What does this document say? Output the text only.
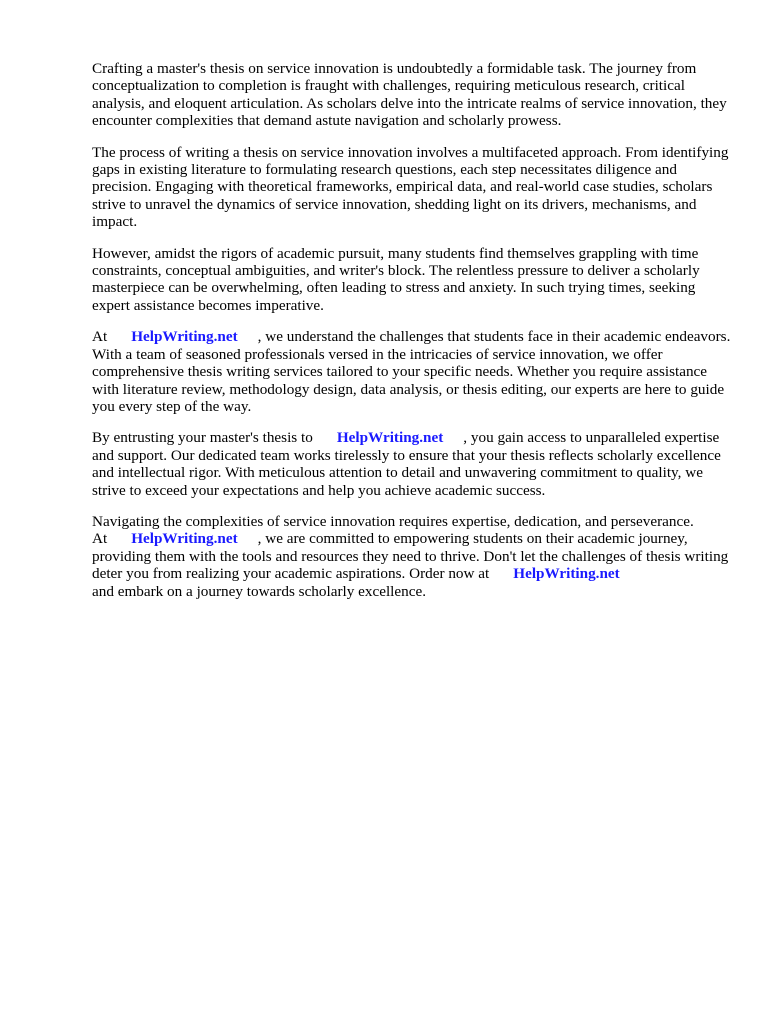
Crafting a master's thesis on service innovation is undoubtedly a formidable task. The journey from conceptualization to completion is fraught with challenges, requiring meticulous research, critical analysis, and eloquent articulation. As scholars delve into the intricate realms of service innovation, they encounter complexities that demand astute navigation and scholarly prowess.

The process of writing a thesis on service innovation involves a multifaceted approach. From identifying gaps in existing literature to formulating research questions, each step necessitates diligence and precision. Engaging with theoretical frameworks, empirical data, and real-world case studies, scholars strive to unravel the dynamics of service innovation, shedding light on its drivers, mechanisms, and impact.

However, amidst the rigors of academic pursuit, many students find themselves grappling with time constraints, conceptual ambiguities, and writer's block. The relentless pressure to deliver a scholarly masterpiece can be overwhelming, often leading to stress and anxiety. In such trying times, seeking expert assistance becomes imperative.

At HelpWriting.net , we understand the challenges that students face in their academic endeavors. With a team of seasoned professionals versed in the intricacies of service innovation, we offer comprehensive thesis writing services tailored to your specific needs. Whether you require assistance with literature review, methodology design, data analysis, or thesis editing, our experts are here to guide you every step of the way.

By entrusting your master's thesis to HelpWriting.net , you gain access to unparalleled expertise and support. Our dedicated team works tirelessly to ensure that your thesis reflects scholarly excellence and intellectual rigor. With meticulous attention to detail and unwavering commitment to quality, we strive to exceed your expectations and help you achieve academic success.

Navigating the complexities of service innovation requires expertise, dedication, and perseverance.
At HelpWriting.net , we are committed to empowering students on their academic journey, providing them with the tools and resources they need to thrive. Don't let the challenges of thesis writing deter you from realizing your academic aspirations. Order now at HelpWriting.net
and embark on a journey towards scholarly excellence.
